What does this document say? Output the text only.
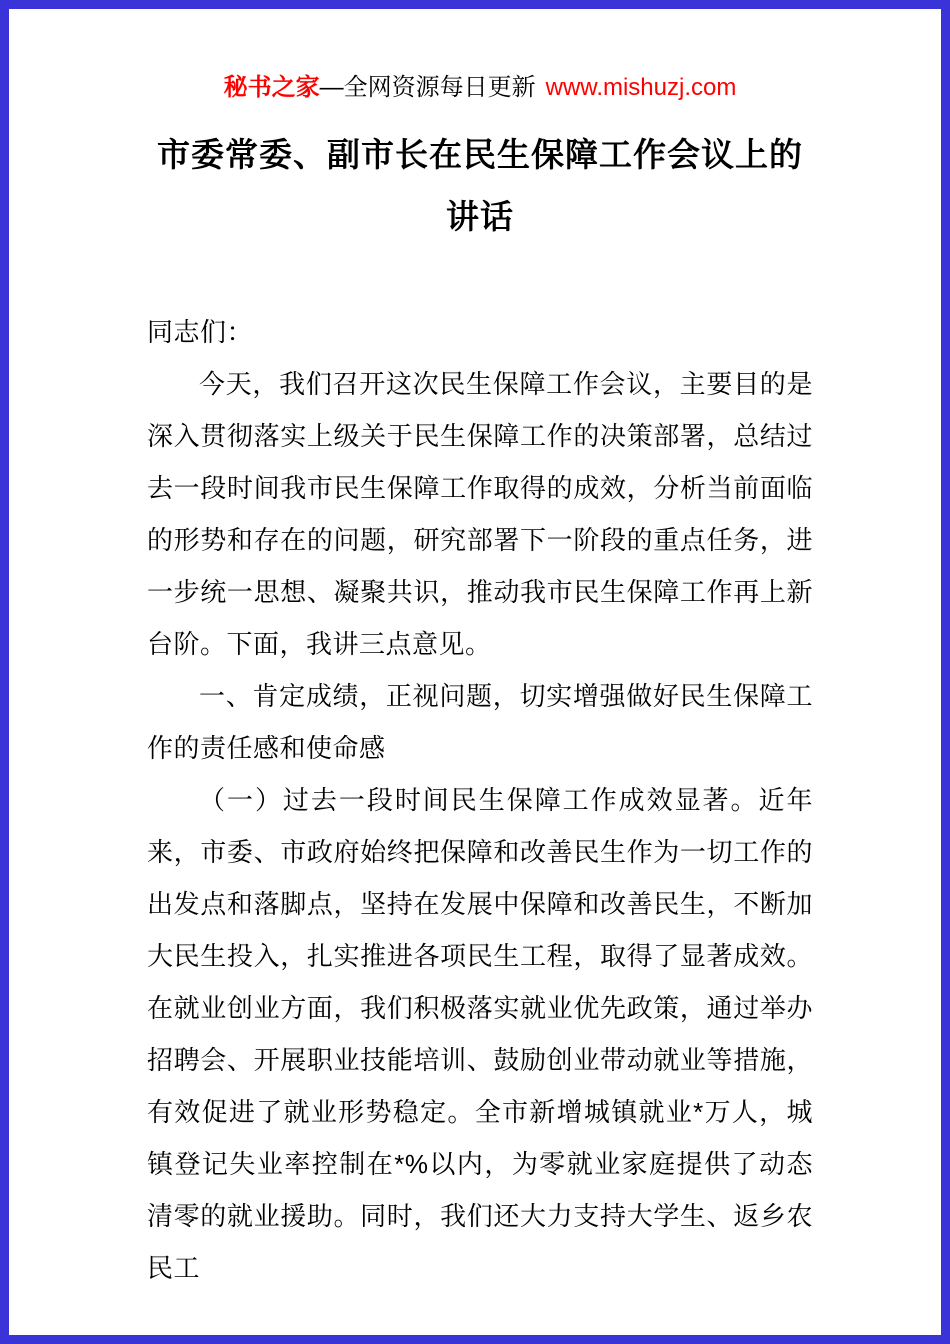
秘书之家—全网资源每日更新 www.mishuzj.com
市委常委、副市长在民生保障工作会议上的讲话

同志们：

今天，我们召开这次民生保障工作会议，主要目的是深入贯彻落实上级关于民生保障工作的决策部署，总结过去一段时间我市民生保障工作取得的成效，分析当前面临的形势和存在的问题，研究部署下一阶段的重点任务，进一步统一思想、凝聚共识，推动我市民生保障工作再上新台阶。下面，我讲三点意见。

一、肯定成绩，正视问题，切实增强做好民生保障工作的责任感和使命感

（一）过去一段时间民生保障工作成效显著。近年来，市委、市政府始终把保障和改善民生作为一切工作的出发点和落脚点，坚持在发展中保障和改善民生，不断加大民生投入，扎实推进各项民生工程，取得了显著成效。在就业创业方面，我们积极落实就业优先政策，通过举办招聘会、开展职业技能培训、鼓励创业带动就业等措施，有效促进了就业形势稳定。全市新增城镇就业*万人，城镇登记失业率控制在*%以内，为零就业家庭提供了动态清零的就业援助。同时，我们还大力支持大学生、返乡农民工
